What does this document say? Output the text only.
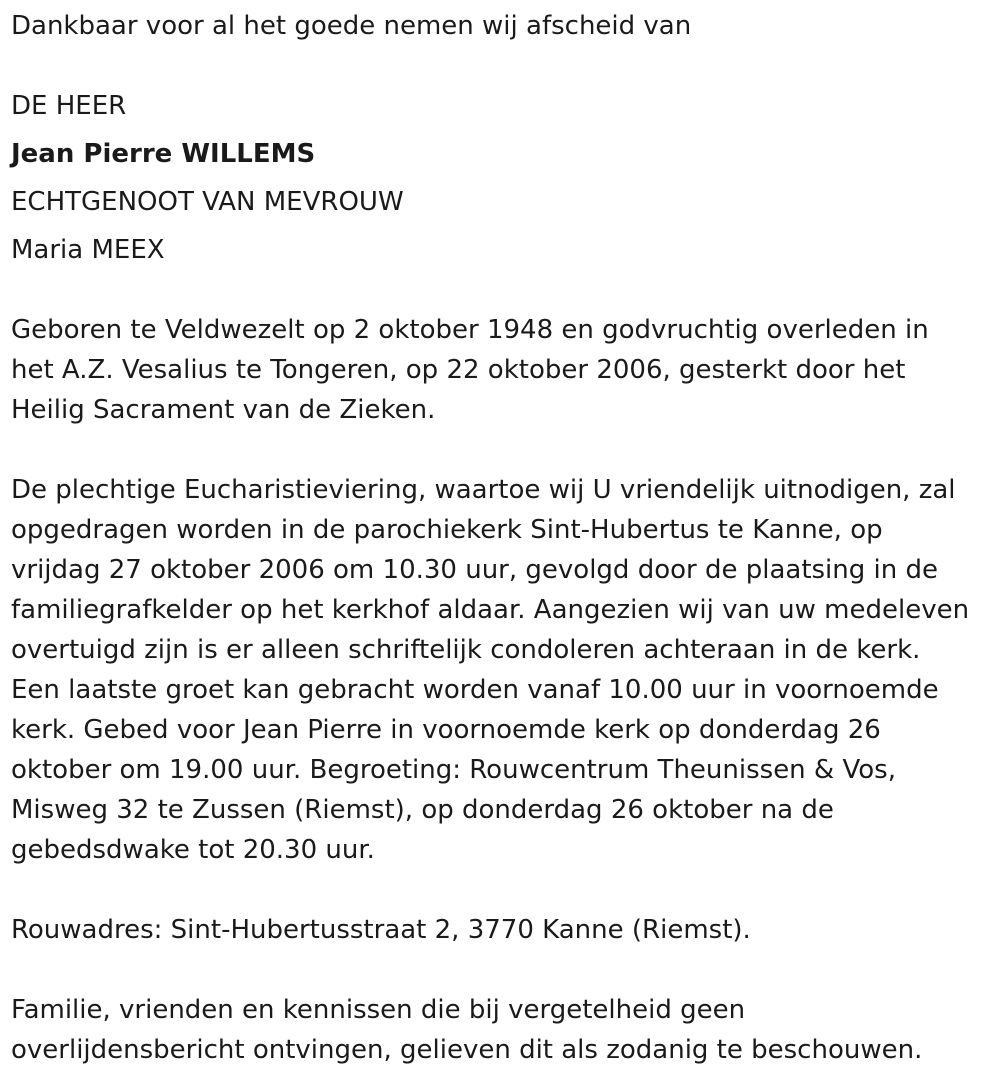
Dankbaar voor al het goede nemen wij afscheid van

DE HEER

Jean Pierre WILLEMS

ECHTGENOOT VAN MEVROUW

Maria MEEX

Geboren te Veldwezelt op 2 oktober 1948 en godvruchtig overleden in

het A.Z. Vesalius te Tongeren, op 22 oktober 2006, gesterkt door het

Heilig Sacrament van de Zieken.

De plechtige Eucharistieviering, waartoe wij U vriendelijk uitnodigen, zal

opgedragen worden in de parochiekerk Sint-Hubertus te Kanne, op

vrijdag 27 oktober 2006 om 10.30 uur, gevolgd door de plaatsing in de

familiegrafkelder op het kerkhof aldaar. Aangezien wij van uw medeleven

overtuigd zijn is er alleen schriftelijk condoleren achteraan in de kerk.

Een laatste groet kan gebracht worden vanaf 10.00 uur in voornoemde

kerk. Gebed voor Jean Pierre in voornoemde kerk op donderdag 26

oktober om 19.00 uur. Begroeting: Rouwcentrum Theunissen & Vos,

Misweg 32 te Zussen (Riemst), op donderdag 26 oktober na de

gebedsdwake tot 20.30 uur.

Rouwadres: Sint-Hubertusstraat 2, 3770 Kanne (Riemst).

Familie, vrienden en kennissen die bij vergetelheid geen

overlijdensbericht ontvingen, gelieven dit als zodanig te beschouwen.
